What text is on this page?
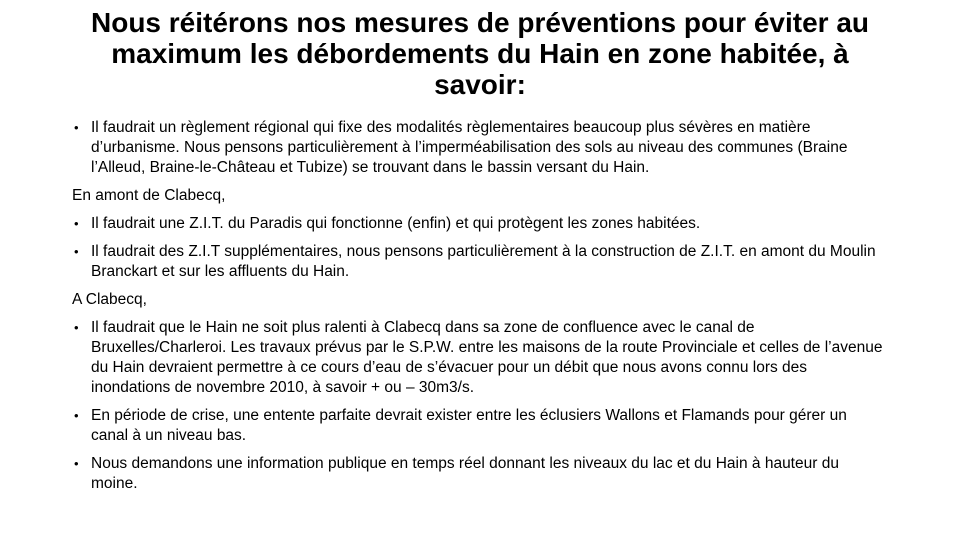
Nous réitérons nos mesures de préventions pour éviter au maximum les débordements du Hain en zone habitée, à savoir:
• Il faudrait un règlement régional qui fixe des modalités règlementaires beaucoup plus sévères en matière d’urbanisme. Nous pensons particulièrement à l’imperméabilisation des sols au niveau des communes (Braine l’Alleud, Braine-le-Château et Tubize) se trouvant dans le bassin versant du Hain.
En amont de Clabecq,
• Il faudrait une Z.I.T. du Paradis qui fonctionne (enfin) et qui protègent les zones habitées.
• Il faudrait des Z.I.T supplémentaires, nous pensons particulièrement à la construction de Z.I.T. en amont du Moulin Branckart et sur les affluents du Hain.
A Clabecq,
• Il faudrait que le Hain ne soit plus ralenti à Clabecq dans sa zone de confluence avec le canal de Bruxelles/Charleroi. Les travaux prévus par le S.P.W. entre les maisons de la route Provinciale et celles de l’avenue du Hain devraient permettre à ce cours d’eau de s’évacuer pour un débit que nous avons connu lors des inondations de novembre 2010, à savoir + ou – 30m3/s.
• En période de crise, une entente parfaite devrait exister entre les éclusiers Wallons et Flamands pour gérer un canal à un niveau bas.
• Nous demandons une information publique en temps réel donnant les niveaux du lac et du Hain à hauteur du moine.
